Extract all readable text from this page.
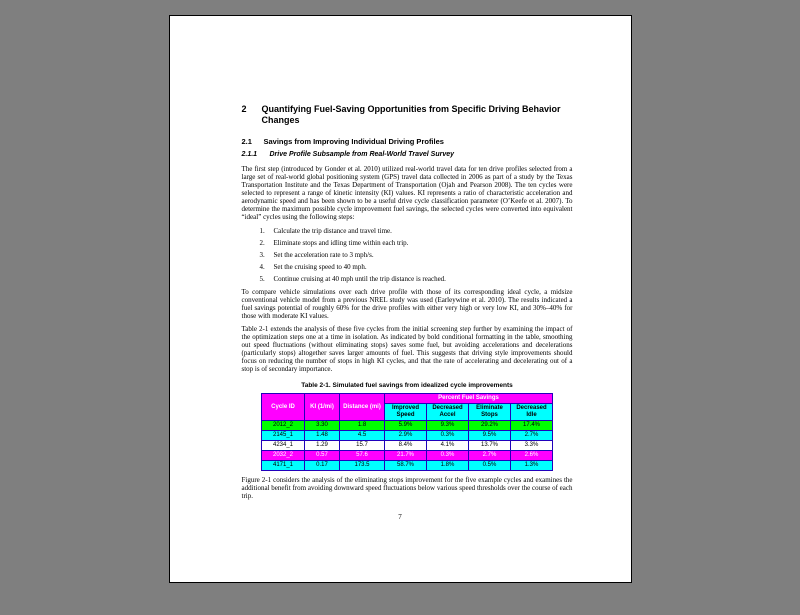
2	Quantifying Fuel-Saving Opportunities from Specific Driving Behavior Changes
2.1	Savings from Improving Individual Driving Profiles
2.1.1	Drive Profile Subsample from Real-World Travel Survey

The first step (introduced by Gonder et al. 2010) utilized real-world travel data for ten drive profiles selected from a large set of real-world global positioning system (GPS) travel data collected in 2006 as part of a study by the Texas Transportation Institute and the Texas Department of Transportation (Ojah and Pearson 2008). The ten cycles were selected to represent a range of kinetic intensity (KI) values. KI represents a ratio of characteristic acceleration and aerodynamic speed and has been shown to be a useful drive cycle classification parameter (O’Keefe et al. 2007). To determine the maximum possible cycle improvement fuel savings, the selected cycles were converted into equivalent “ideal” cycles using the following steps:

1.	Calculate the trip distance and travel time.
2.	Eliminate stops and idling time within each trip.
3.	Set the acceleration rate to 3 mph/s.
4.	Set the cruising speed to 40 mph.
5.	Continue cruising at 40 mph until the trip distance is reached.

To compare vehicle simulations over each drive profile with those of its corresponding ideal cycle, a midsize conventional vehicle model from a previous NREL study was used (Earleywine et al. 2010). The results indicated a fuel savings potential of roughly 60% for the drive profiles with either very high or very low KI, and 30%–40% for those with moderate KI values.

Table 2-1 extends the analysis of these five cycles from the initial screening step further by examining the impact of the optimization steps one at a time in isolation. As indicated by bold conditional formatting in the table, smoothing out speed fluctuations (without eliminating stops) saves some fuel, but avoiding accelerations and decelerations (particularly stops) altogether saves larger amounts of fuel. This suggests that driving style improvements should focus on reducing the number of stops in high KI cycles, and that the rate of accelerating and decelerating out of a stop is of secondary importance.

Table 2-1. Simulated fuel savings from idealized cycle improvements
Cycle ID	KI (1/mi)	Distance (mi)	Percent Fuel Savings			
			Improved Speed	Decreased Accel	Eliminate Stops	Decreased Idle
2012_2	3.30	1.8	5.9%	9.3%	29.2%	17.4%
2145_1	1.48	4.5	2.9%	0.3%	9.5%	2.7%
4234_1	1.29	15.7	8.4%	4.1%	13.7%	3.3%
2032_2	0.57	57.6	21.7%	0.3%	2.7%	2.6%
4171_1	0.17	173.5	58.7%	1.8%	0.5%	1.3%

Figure 2-1 considers the analysis of the eliminating stops improvement for the five example cycles and examines the additional benefit from avoiding downward speed fluctuations below various speed thresholds over the course of each trip.

7
